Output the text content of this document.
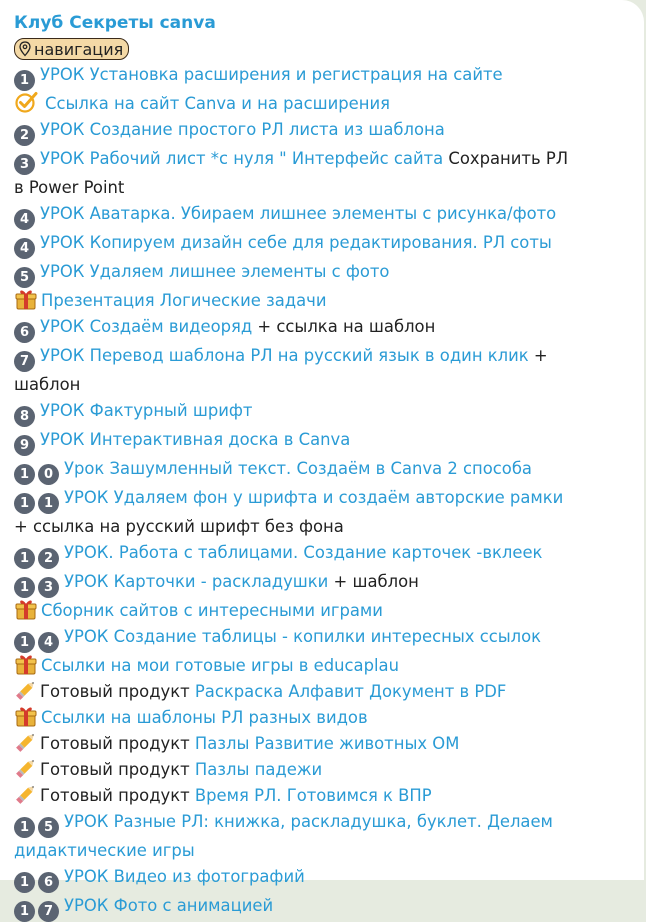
Клуб Секреты canva
навигация
1 УРОК Установка расширения и регистрация на сайте
Ссылка на сайт Canva и на расширения
2 УРОК Создание простого РЛ листа из шаблона
3 УРОК Рабочий лист *с нуля " Интерфейс сайта Сохранить РЛ
в Power Point
4 УРОК Аватарка. Убираем лишнее элементы с рисунка/фото
4 УРОК Копируем дизайн себе для редактирования. РЛ соты
5 УРОК Удаляем лишнее элементы с фото
Презентация Логические задачи
6 УРОК Создаём видеоряд + ссылка на шаблон
7 УРОК Перевод шаблона РЛ на русский язык в один клик +
шаблон
8 УРОК Фактурный шрифт
9 УРОК Интерактивная доска в Canva
1 0 Урок Зашумленный текст. Создаём в Canva 2 способа
1 1 УРОК Удаляем фон у шрифта и создаём авторские рамки
+ ссылка на русский шрифт без фона
1 2 УРОК. Работа с таблицами. Создание карточек -вклеек
1 3 УРОК Карточки - раскладушки + шаблон
Сборник сайтов с интересными играми
1 4 УРОК Создание таблицы - копилки интересных ссылок
Ссылки на мои готовые игры в educaplau
Готовый продукт Раскраска Алфавит Документ в PDF
Ссылки на шаблоны РЛ разных видов
Готовый продукт Пазлы Развитие животных ОМ
Готовый продукт Пазлы падежи
Готовый продукт Время РЛ. Готовимся к ВПР
1 5 УРОК Разные РЛ: книжка, раскладушка, буклет. Делаем
дидактические игры
1 6 УРОК Видео из фотографий
1 7 УРОК Фото с анимацией
